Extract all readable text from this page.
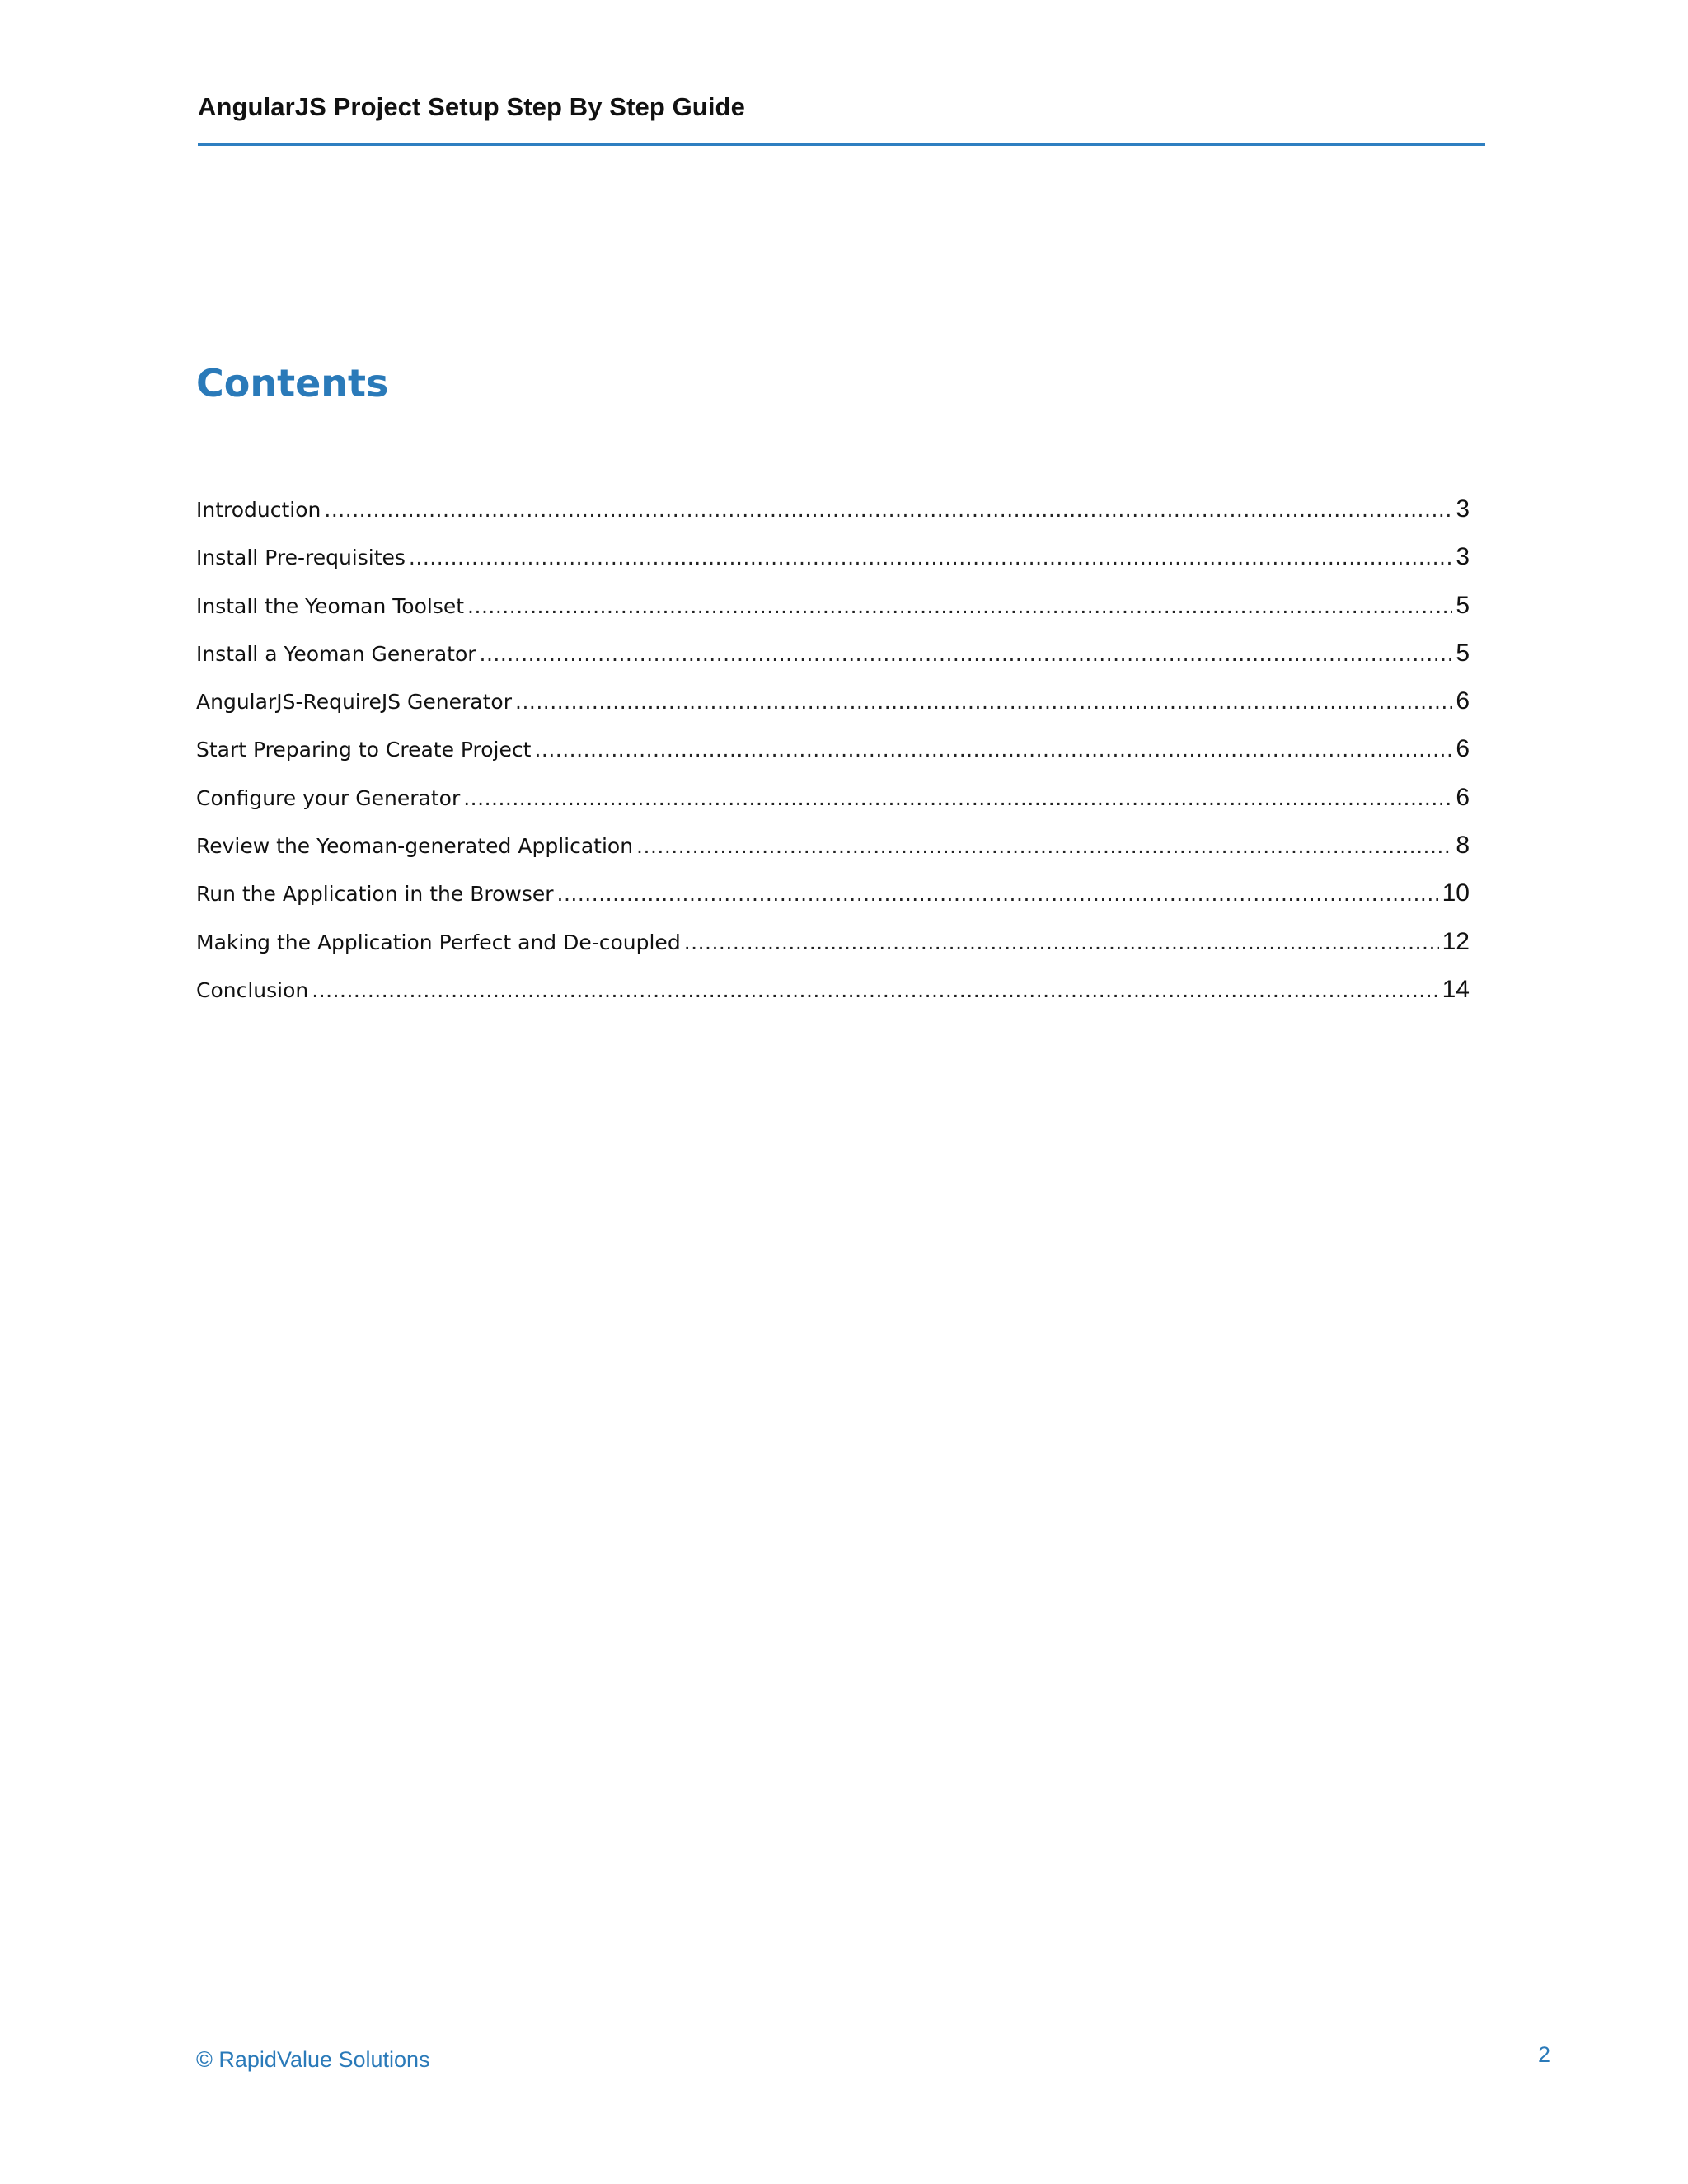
AngularJS Project Setup Step By Step Guide
Contents
Introduction .....	3
Install Pre-requisites .....	3
Install the Yeoman Toolset .....	5
Install a Yeoman Generator .....	5
AngularJS-RequireJS Generator .....	6
Start Preparing to Create Project .....	6
Configure your Generator .....	6
Review the Yeoman-generated Application .....	8
Run the Application in the Browser .....	10
Making the Application Perfect and De-coupled .....	12
Conclusion .....	14
© RapidValue Solutions	2
